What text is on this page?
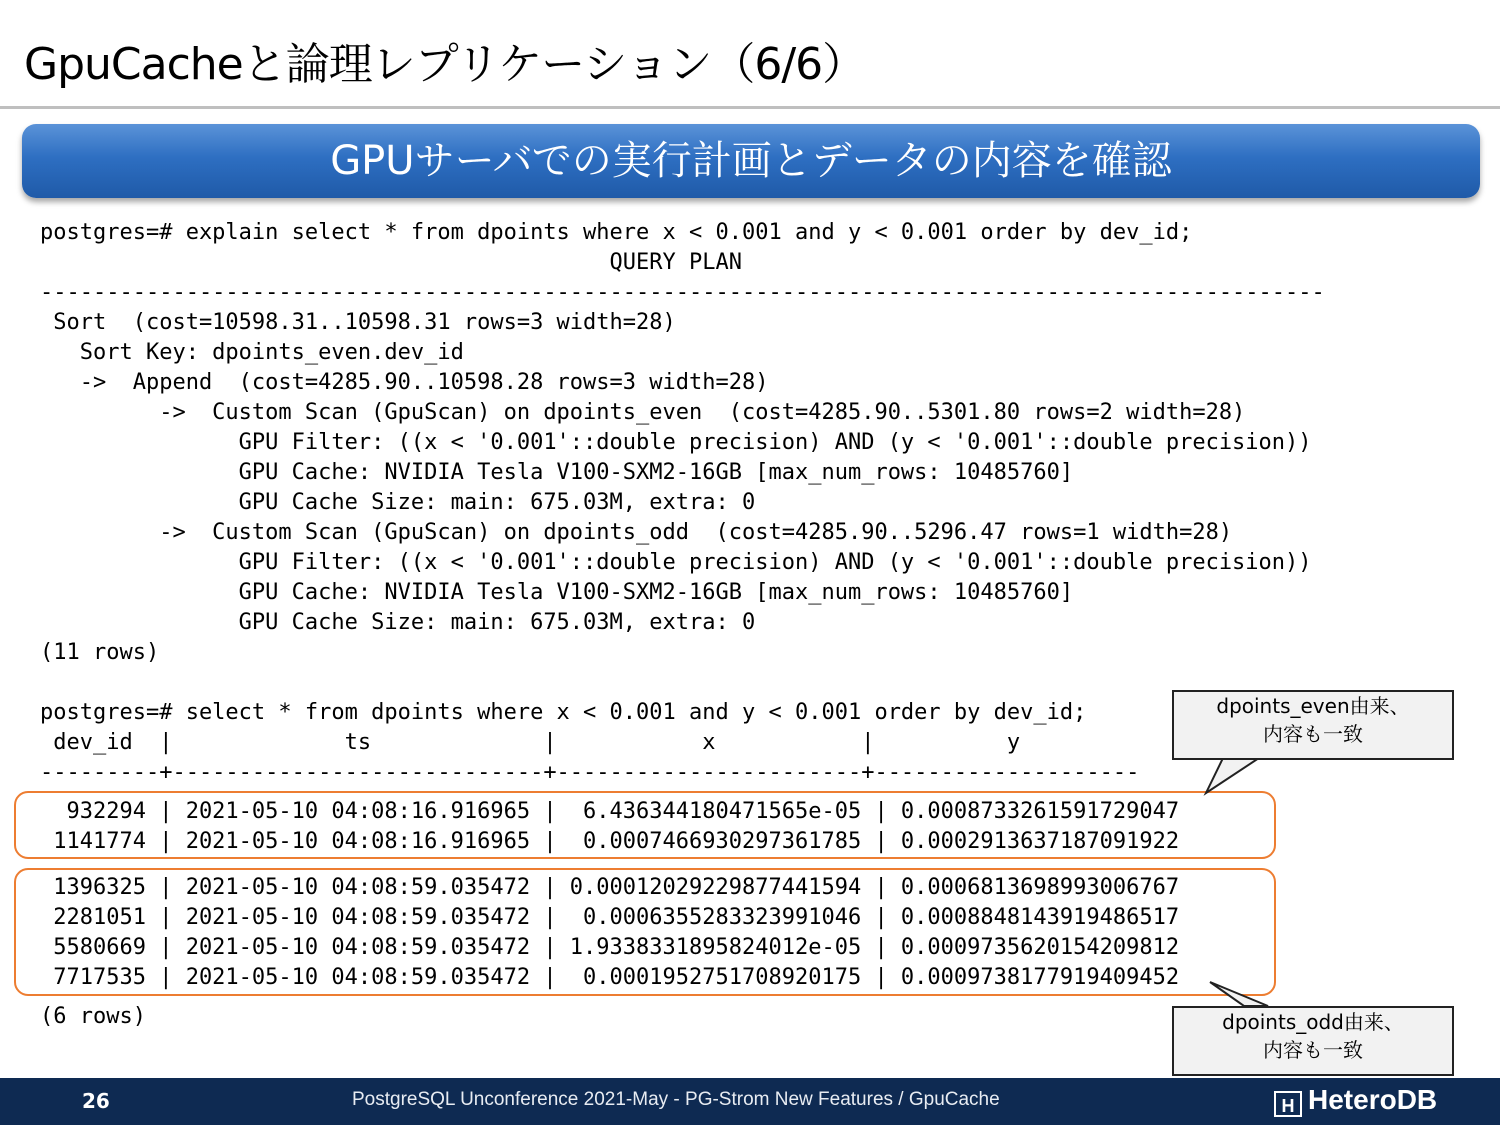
GpuCacheと論理レプリケーション（6/6）
GPUサーバでの実行計画とデータの内容を確認
postgres=# explain select * from dpoints where x < 0.001 and y < 0.001 order by dev_id;
QUERY PLAN
-------------------------------------------------------------------------------------------------
Sort  (cost=10598.31..10598.31 rows=3 width=28)
Sort Key: dpoints_even.dev_id
->  Append  (cost=4285.90..10598.28 rows=3 width=28)
->  Custom Scan (GpuScan) on dpoints_even  (cost=4285.90..5301.80 rows=2 width=28)
GPU Filter: ((x < '0.001'::double precision) AND (y < '0.001'::double precision))
GPU Cache: NVIDIA Tesla V100-SXM2-16GB [max_num_rows: 10485760]
GPU Cache Size: main: 675.03M, extra: 0
->  Custom Scan (GpuScan) on dpoints_odd  (cost=4285.90..5296.47 rows=1 width=28)
GPU Filter: ((x < '0.001'::double precision) AND (y < '0.001'::double precision))
GPU Cache: NVIDIA Tesla V100-SXM2-16GB [max_num_rows: 10485760]
GPU Cache Size: main: 675.03M, extra: 0
(11 rows)

postgres=# select * from dpoints where x < 0.001 and y < 0.001 order by dev_id;
dev_id  |             ts             |           x           |          y
---------+----------------------------+-----------------------+--------------------
932294 | 2021-05-10 04:08:16.916965 |  6.436344180471565e-05 | 0.0008733261591729047
1141774 | 2021-05-10 04:08:16.916965 |  0.0007466930297361785 | 0.0002913637187091922
1396325 | 2021-05-10 04:08:59.035472 | 0.00012029229877441594 | 0.0006813698993006767
2281051 | 2021-05-10 04:08:59.035472 |  0.0006355283323991046 | 0.0008848143919486517
5580669 | 2021-05-10 04:08:59.035472 | 1.9338331895824012e-05 | 0.0009735620154209812
7717535 | 2021-05-10 04:08:59.035472 |  0.0001952751708920175 | 0.0009738177919409452
(6 rows)
dpoints_even由来、
内容も一致
dpoints_odd由来、
内容も一致
26	PostgreSQL Unconference 2021-May - PG-Strom New Features / GpuCache	H HeteroDB
